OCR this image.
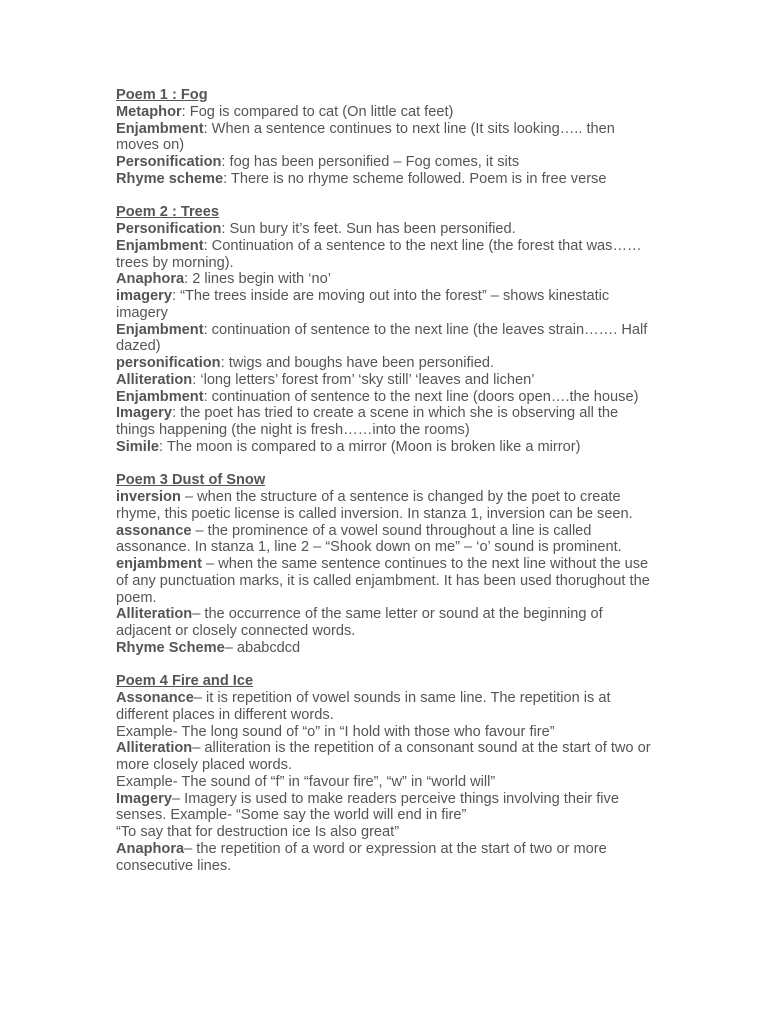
Poem 1 : Fog
Metaphor: Fog is compared to cat (On little cat feet)
Enjambment: When a sentence continues to next line (It sits looking….. then moves on)
Personification: fog has been personified – Fog comes, it sits
Rhyme scheme: There is no rhyme scheme followed. Poem is in free verse
Poem 2 : Trees
Personification: Sun bury it’s feet. Sun has been personified.
Enjambment: Continuation of a sentence to the next line (the forest that was…… trees by morning).
Anaphora: 2 lines begin with ‘no’
imagery: “The trees inside are moving out into the forest” – shows kinestatic imagery
Enjambment: continuation of sentence to the next line (the leaves strain……. Half dazed)
personification: twigs and boughs have been personified.
Alliteration: ‘long letters’ forest from’ ‘sky still’ ‘leaves and lichen’
Enjambment: continuation of sentence to the next line (doors open….the house)
Imagery: the poet has tried to create a scene in which she is observing all the things happening (the night is fresh……into the rooms)
Simile: The moon is compared to a mirror (Moon is broken like a mirror)
Poem 3 Dust of Snow
inversion – when the structure of a sentence is changed by the poet to create rhyme, this poetic license is called inversion. In stanza 1, inversion can be seen.
assonance – the prominence of a vowel sound throughout a line is called assonance. In stanza 1, line 2 – “Shook down on me” – ‘o’ sound is prominent.
enjambment – when the same sentence continues to the next line without the use of any punctuation marks, it is called enjambment. It has been used thorughout the poem.
Alliteration– the occurrence of the same letter or sound at the beginning of adjacent or closely connected words.
Rhyme Scheme– ababcdcd
Poem 4 Fire and Ice
Assonance– it is repetition of vowel sounds in same line. The repetition is at different places in different words.
Example- The long sound of “o” in “I hold with those who favour fire”
Alliteration– alliteration is the repetition of a consonant sound at the start of two or more closely placed words.
Example- The sound of “f” in “favour fire”, “w” in “world will”
Imagery– Imagery is used to make readers perceive things involving their five senses. Example- “Some say the world will end in fire”
“To say that for destruction ice Is also great”
Anaphora– the repetition of a word or expression at the start of two or more consecutive lines.
